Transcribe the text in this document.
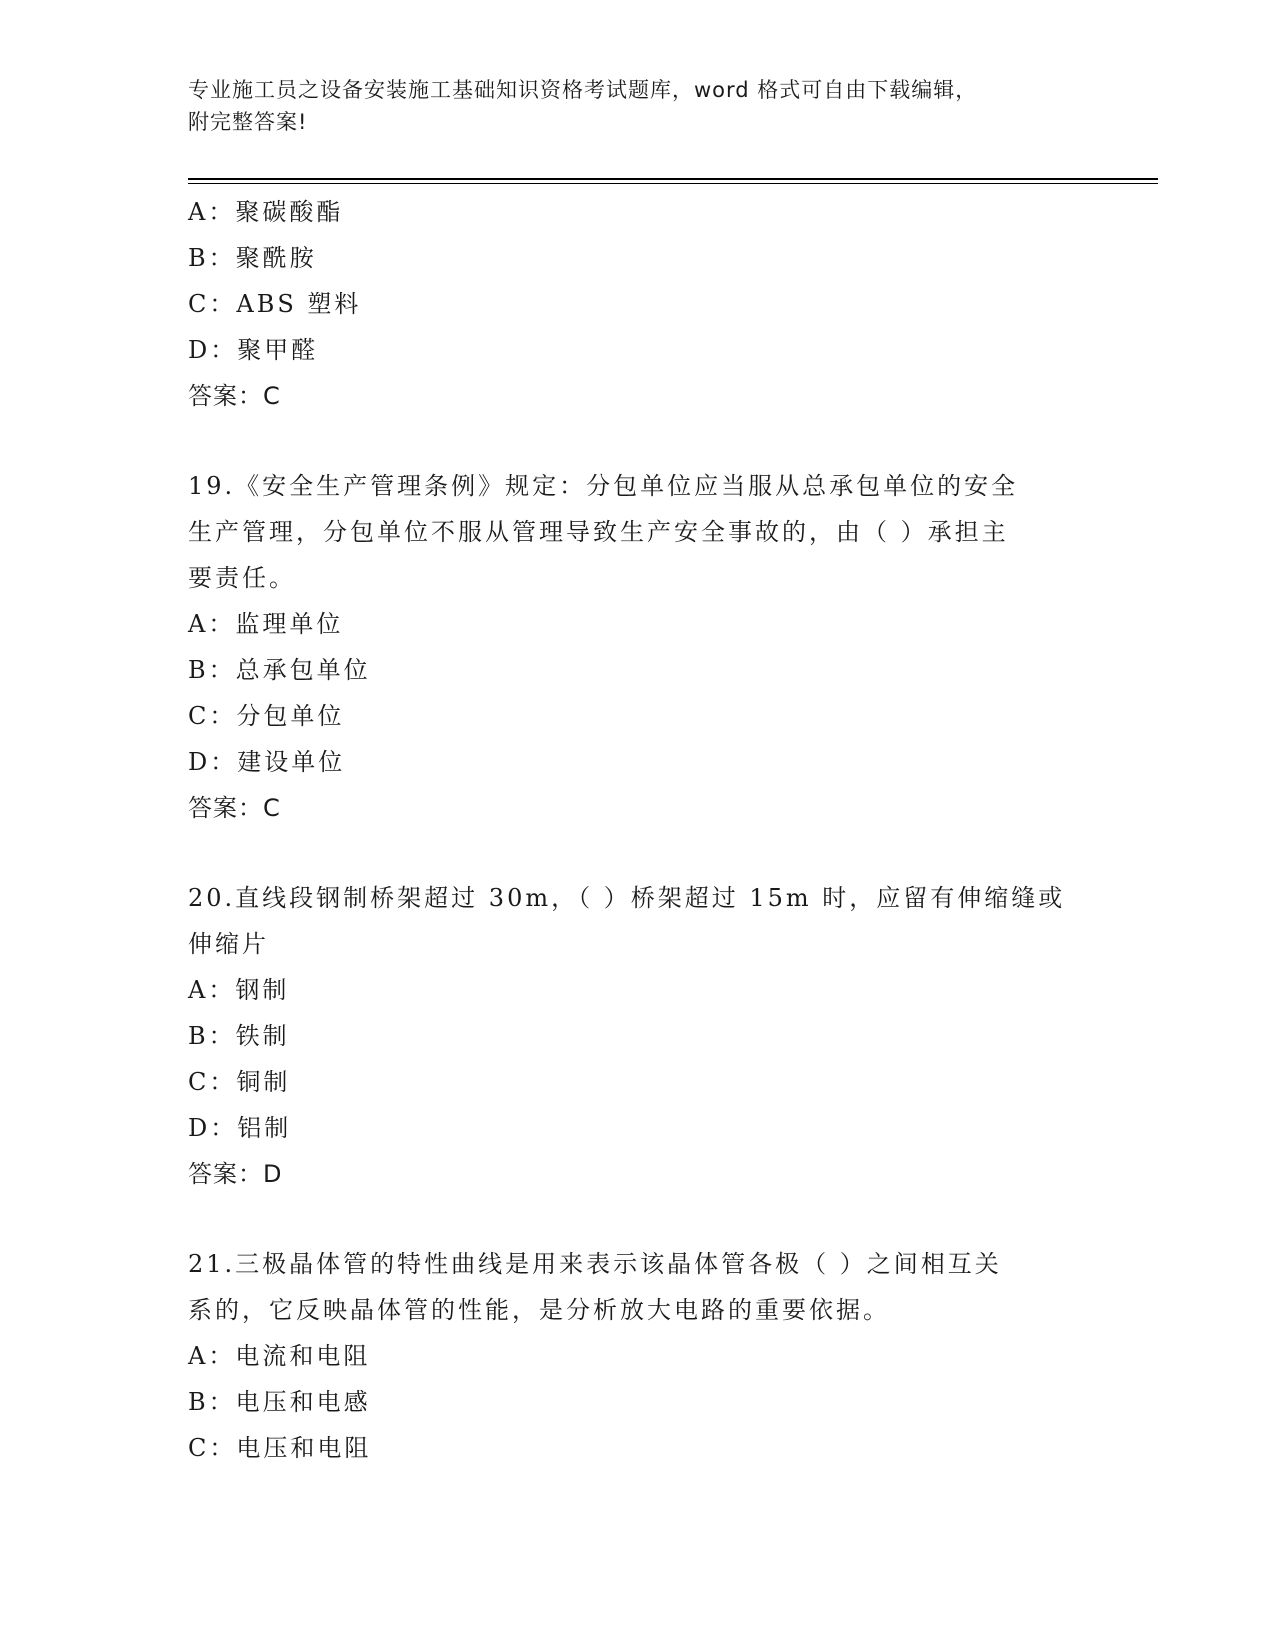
专业施工员之设备安装施工基础知识资格考试题库，word 格式可自由下载编辑，
附完整答案!
A：聚碳酸酯
B：聚酰胺
C：ABS 塑料
D：聚甲醛
答案：C
19.《安全生产管理条例》规定：分包单位应当服从总承包单位的安全
生产管理，分包单位不服从管理导致生产安全事故的，由（ ）承担主
要责任。
A：监理单位
B：总承包单位
C：分包单位
D：建设单位
答案：C
20.直线段钢制桥架超过 30m，（ ）桥架超过 15m 时，应留有伸缩缝或
伸缩片
A：钢制
B：铁制
C：铜制
D：铝制
答案：D
21.三极晶体管的特性曲线是用来表示该晶体管各极（ ）之间相互关
系的，它反映晶体管的性能，是分析放大电路的重要依据。
A：电流和电阻
B：电压和电感
C：电压和电阻
